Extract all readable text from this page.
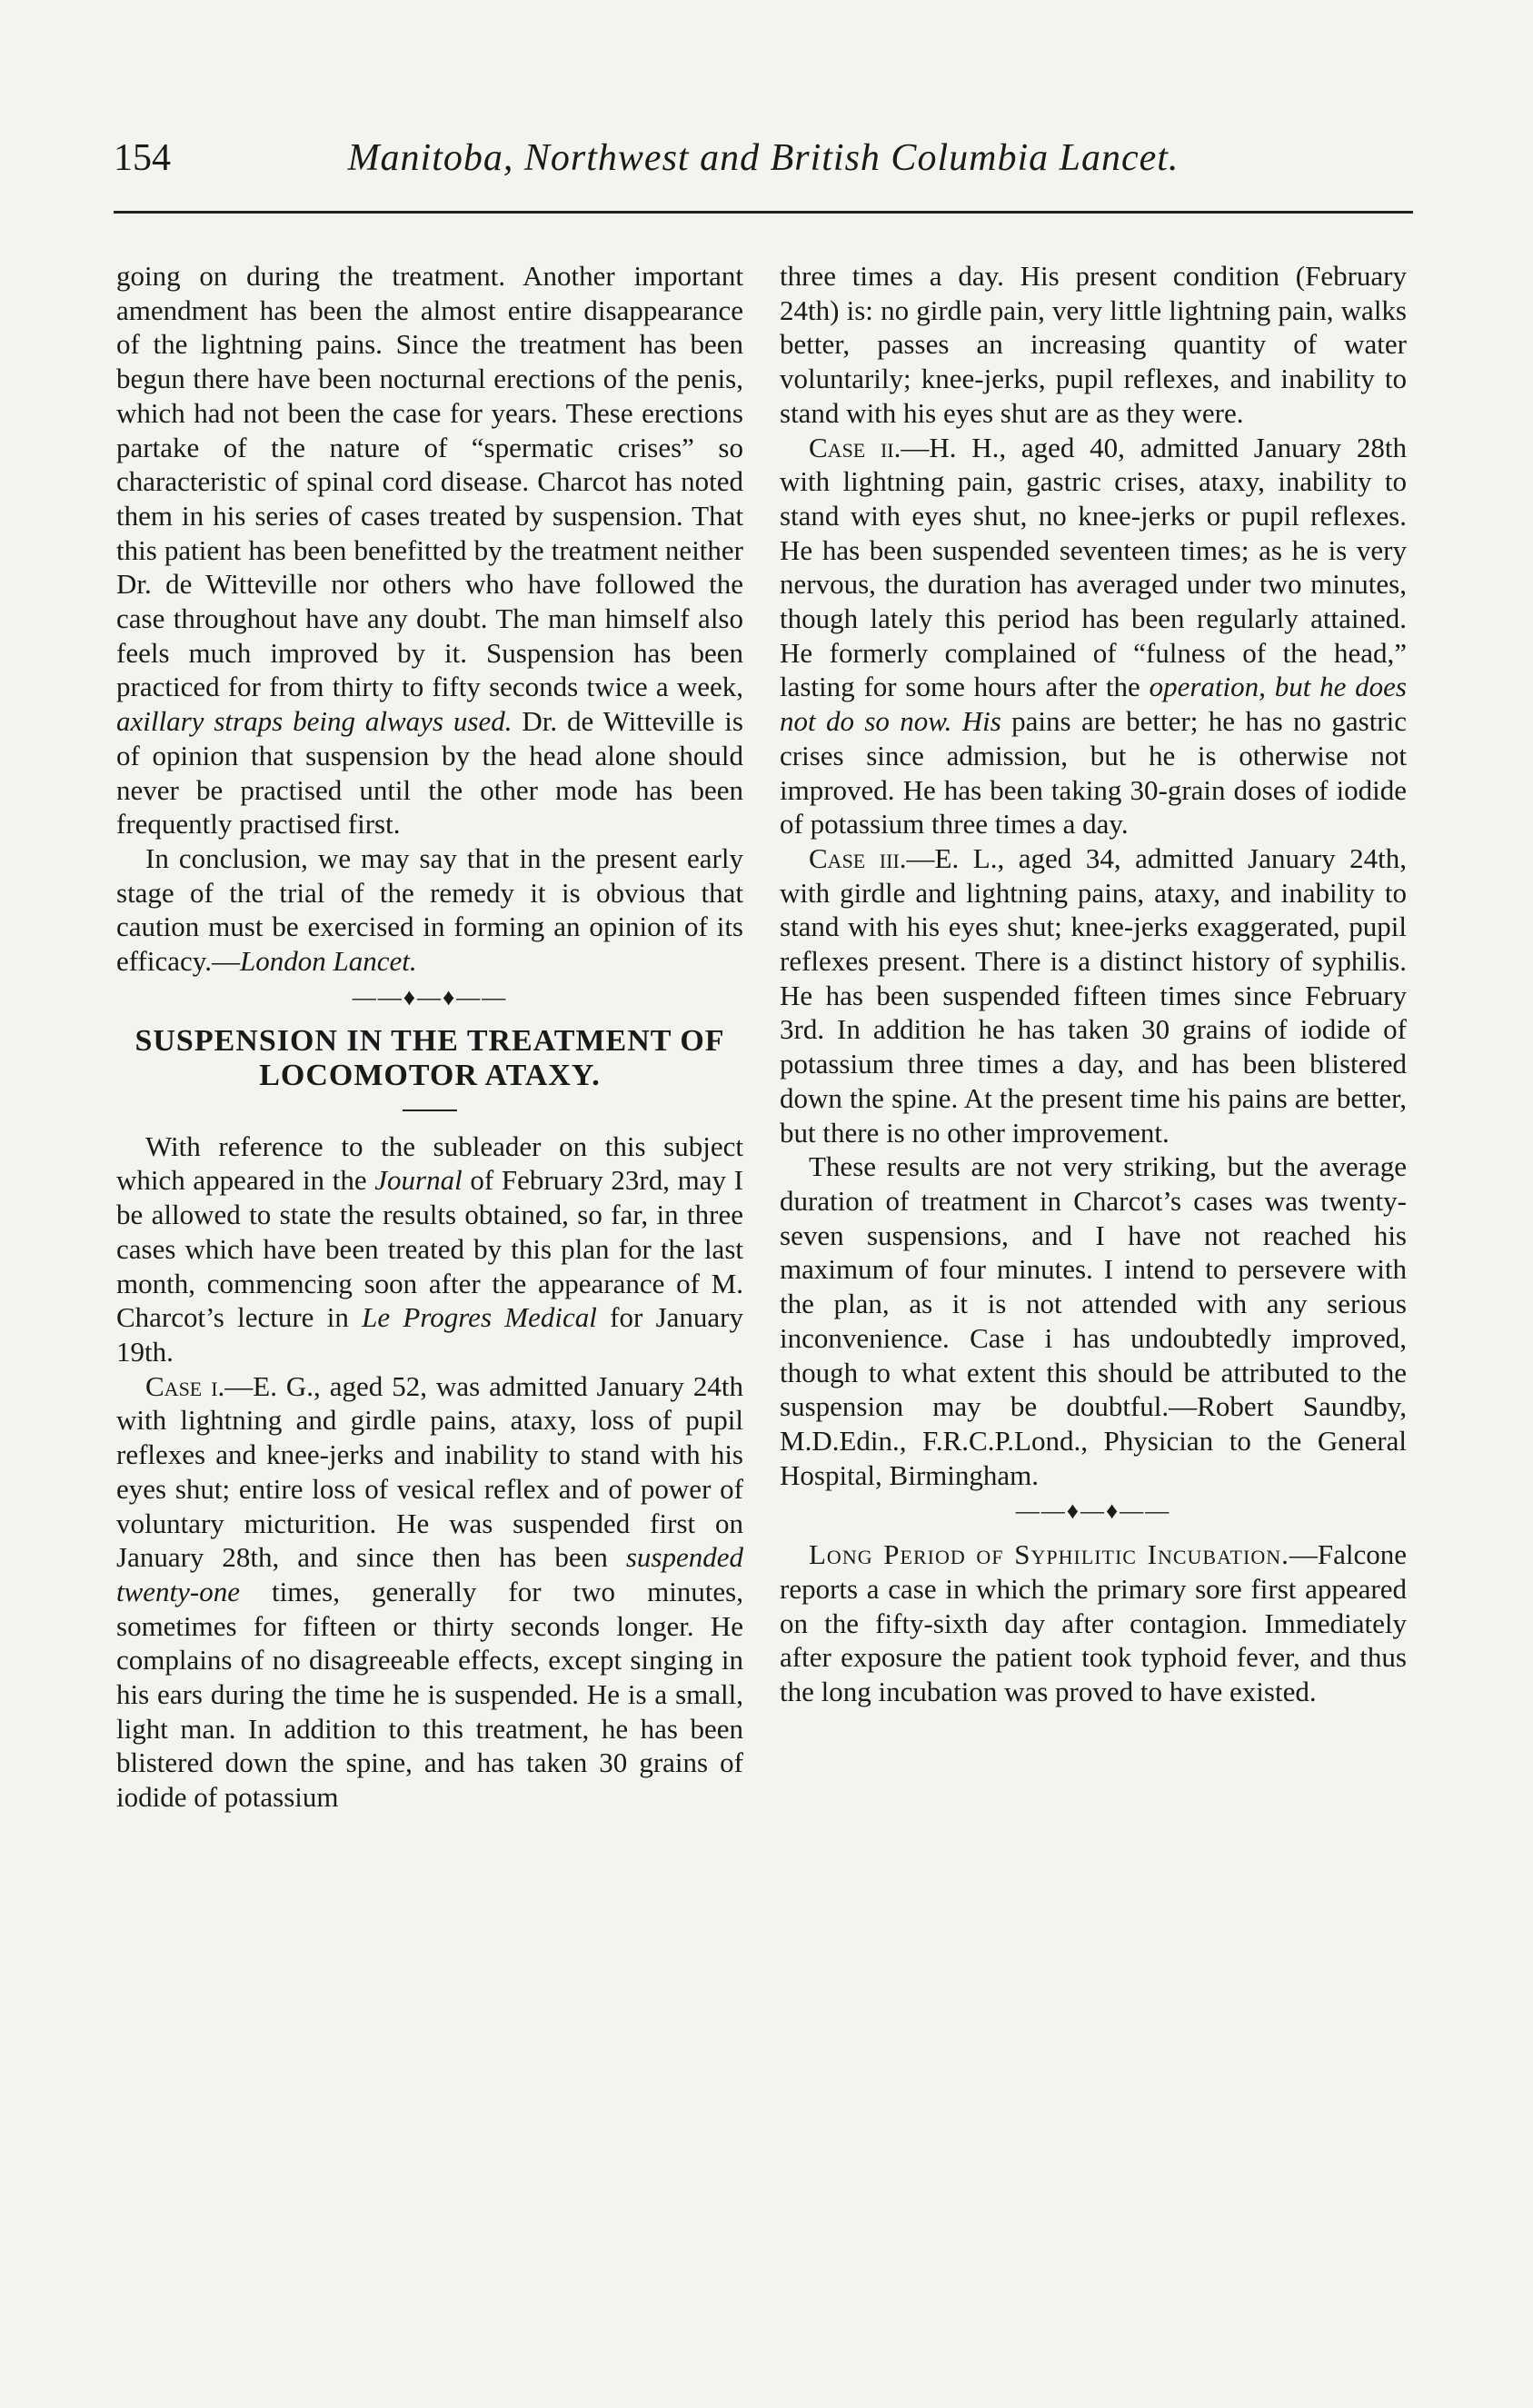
154	Manitoba, Northwest and British Columbia Lancet.

going on during the treatment. Another important amendment has been the almost entire disappearance of the lightning pains. Since the treatment has been begun there have been nocturnal erections of the penis, which had not been the case for years. These erections partake of the nature of “spermatic crises” so characteristic of spinal cord disease. Charcot has noted them in his series of cases treated by suspension. That this patient has been benefitted by the treatment neither Dr. de Witteville nor others who have followed the case throughout have any doubt. The man himself also feels much improved by it. Suspension has been practiced for from thirty to fifty seconds twice a week, axillary straps being always used. Dr. de Witteville is of opinion that suspension by the head alone should never be practised until the other mode has been frequently practised first.

In conclusion, we may say that in the present early stage of the trial of the remedy it is obvious that caution must be exercised in forming an opinion of its efficacy.—London Lancet.

——♦—♦——
SUSPENSION IN THE TREATMENT OF LOCOMOTOR ATAXY.

With reference to the subleader on this subject which appeared in the Journal of February 23rd, may I be allowed to state the results obtained, so far, in three cases which have been treated by this plan for the last month, commencing soon after the appearance of M. Charcot’s lecture in Le Progres Medical for January 19th.

Case i.—E. G., aged 52, was admitted January 24th with lightning and girdle pains, ataxy, loss of pupil reflexes and knee-jerks and inability to stand with his eyes shut; entire loss of vesical reflex and of power of voluntary micturition. He was suspended first on January 28th, and since then has been suspended twenty-one times, generally for two minutes, sometimes for fifteen or thirty seconds longer. He complains of no disagreeable effects, except singing in his ears during the time he is suspended. He is a small, light man. In addition to this treatment, he has been blistered down the spine, and has taken 30 grains of iodide of potassium

three times a day. His present condition (February 24th) is: no girdle pain, very little lightning pain, walks better, passes an increasing quantity of water voluntarily; knee-jerks, pupil reflexes, and inability to stand with his eyes shut are as they were.

Case ii.—H. H., aged 40, admitted January 28th with lightning pain, gastric crises, ataxy, inability to stand with eyes shut, no knee-jerks or pupil reflexes. He has been suspended seventeen times; as he is very nervous, the duration has averaged under two minutes, though lately this period has been regularly attained. He formerly complained of “fulness of the head,” lasting for some hours after the operation, but he does not do so now. His pains are better; he has no gastric crises since admission, but he is otherwise not improved. He has been taking 30-grain doses of iodide of potassium three times a day.

Case iii.—E. L., aged 34, admitted January 24th, with girdle and lightning pains, ataxy, and inability to stand with his eyes shut; knee-jerks exaggerated, pupil reflexes present. There is a distinct history of syphilis. He has been suspended fifteen times since February 3rd. In addition he has taken 30 grains of iodide of potassium three times a day, and has been blistered down the spine. At the present time his pains are better, but there is no other improvement.

These results are not very striking, but the average duration of treatment in Charcot’s cases was twenty-seven suspensions, and I have not reached his maximum of four minutes. I intend to persevere with the plan, as it is not attended with any serious inconvenience. Case i has undoubtedly improved, though to what extent this should be attributed to the suspension may be doubtful.—Robert Saundby, M.D.Edin., F.R.C.P.Lond., Physician to the General Hospital, Birmingham.

——♦—♦——

Long Period of Syphilitic Incubation.—Falcone reports a case in which the primary sore first appeared on the fifty-sixth day after contagion. Immediately after exposure the patient took typhoid fever, and thus the long incubation was proved to have existed.
